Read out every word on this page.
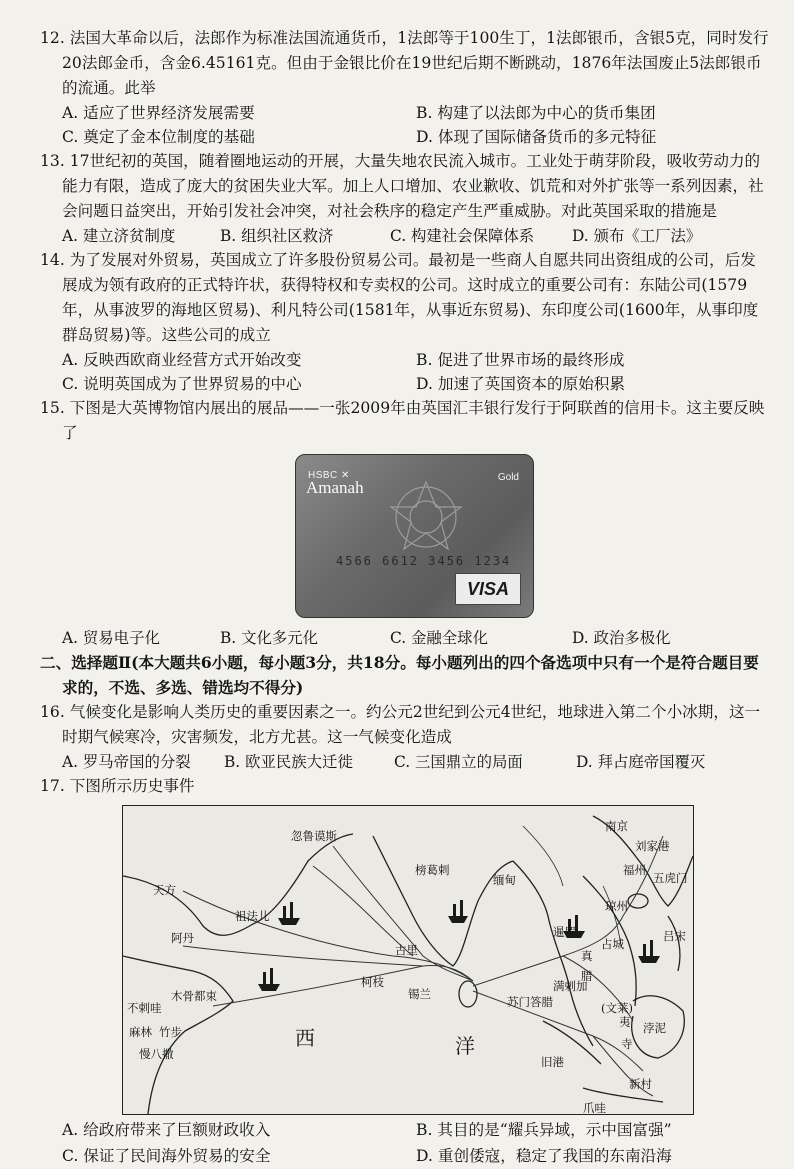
12. 法国大革命以后，法郎作为标准法国流通货币，1法郎等于100生丁，1法郎银币，含银5克，同时发行20法郎金币，含金6.45161克。但由于金银比价在19世纪后期不断跳动，1876年法国废止5法郎银币的流通。此举

A. 适应了世界经济发展需要	B. 构建了以法郎为中心的货币集团
C. 奠定了金本位制度的基础	D. 体现了国际储备货币的多元特征

13. 17世纪初的英国，随着圈地运动的开展，大量失地农民流入城市。工业处于萌芽阶段，吸收劳动力的能力有限，造成了庞大的贫困失业大军。加上人口增加、农业歉收、饥荒和对外扩张等一系列因素，社会问题日益突出，开始引发社会冲突，对社会秩序的稳定产生严重威胁。对此英国采取的措施是

A. 建立济贫制度	B. 组织社区救济	C. 构建社会保障体系	D. 颁布《工厂法》

14. 为了发展对外贸易，英国成立了许多股份贸易公司。最初是一些商人自愿共同出资组成的公司，后发展成为领有政府的正式特许状，获得特权和专卖权的公司。这时成立的重要公司有：东陆公司(1579年，从事波罗的海地区贸易)、利凡特公司(1581年，从事近东贸易)、东印度公司(1600年，从事印度群岛贸易)等。这些公司的成立

A. 反映西欧商业经营方式开始改变	B. 促进了世界市场的最终形成
C. 说明英国成为了世界贸易的中心	D. 加速了英国资本的原始积累

15. 下图是大英博物馆内展出的展品——一张2009年由英国汇丰银行发行于阿联酋的信用卡。这主要反映了

HSBC ✕
Amanah
Gold
4566 6612 3456 1234
VISA
A. 贸易电子化	B. 文化多元化	C. 金融全球化	D. 政治多极化

二、选择题Ⅱ(本大题共6小题，每小题3分，共18分。每小题列出的四个备选项中只有一个是符合题目要求的，不选、多选、错选均不得分)

16. 气候变化是影响人类历史的重要因素之一。约公元2世纪到公元4世纪，地球进入第二个小冰期，这一时期气候寒冷，灾害频发，北方尤甚。这一气候变化造成

A. 罗马帝国的分裂	B. 欧亚民族大迁徙	C. 三国鼎立的局面	D. 拜占庭帝国覆灭

17. 下图所示历史事件

南京
刘家港
福州
五虎门
琼州
吕宋
占城
暹罗
真
腊
缅甸
榜葛剌
忽鲁谟斯
天方
祖法儿
阿丹
古里
柯枝
锡兰
木骨都束
不剌哇
麻林 竹步
慢八撒
西	洋
苏门答腊
满剌加
(文莱)
浡泥
夷
寺
旧港
新村
爪哇
A. 给政府带来了巨额财政收入	B. 其目的是“耀兵异域，示中国富强”
C. 保证了民间海外贸易的安全	D. 重创倭寇，稳定了我国的东南沿海
